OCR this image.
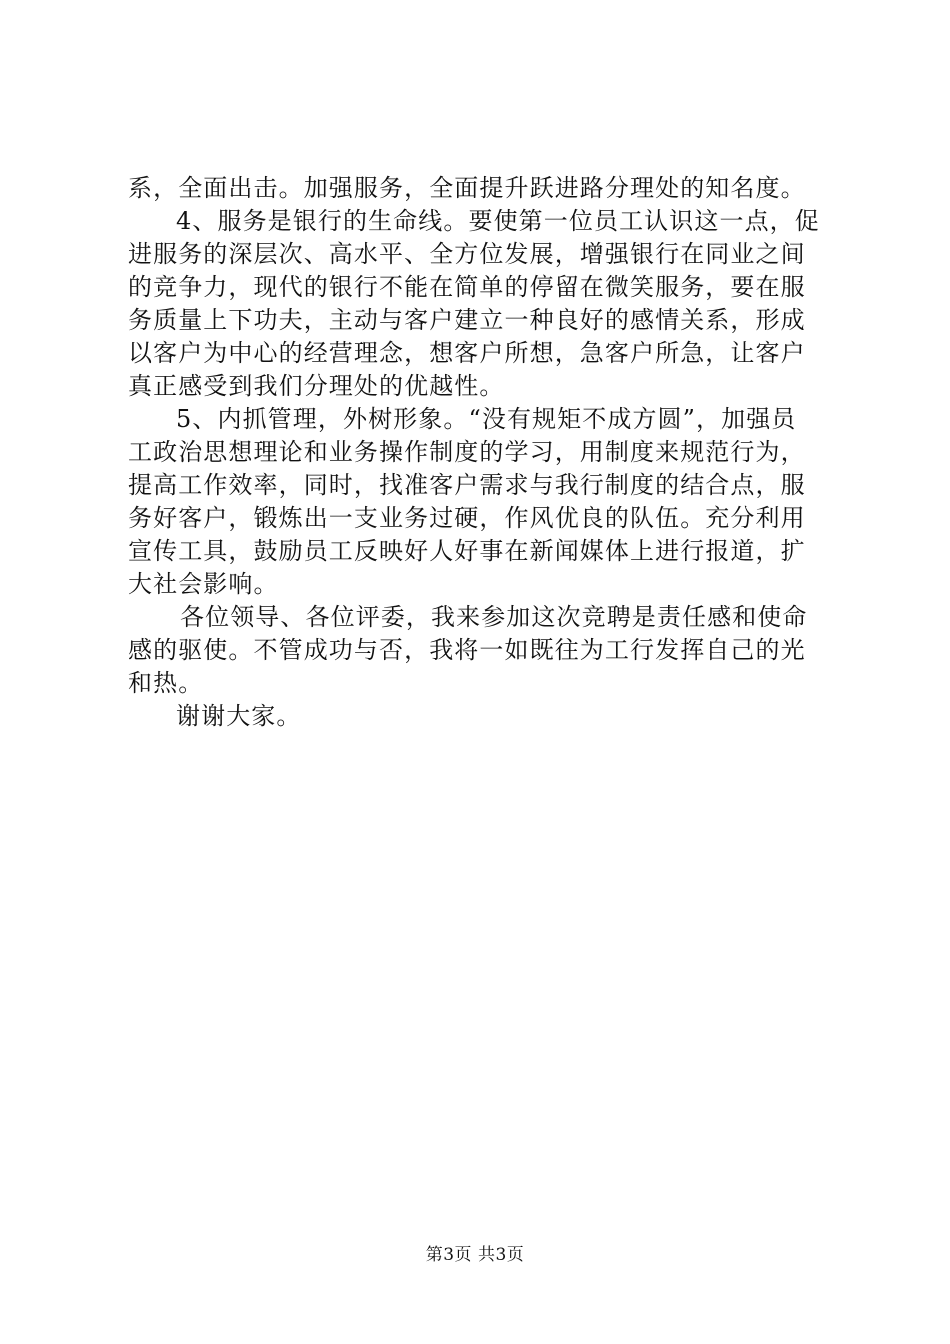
系，全面出击。加强服务，全面提升跃进路分理处的知名度。
4、服务是银行的生命线。要使第一位员工认识这一点，促
进服务的深层次、高水平、全方位发展，增强银行在同业之间
的竞争力，现代的银行不能在简单的停留在微笑服务，要在服
务质量上下功夫，主动与客户建立一种良好的感情关系，形成
以客户为中心的经营理念，想客户所想，急客户所急，让客户
真正感受到我们分理处的优越性。
5、内抓管理，外树形象。“没有规矩不成方圆”，加强员
工政治思想理论和业务操作制度的学习，用制度来规范行为，
提高工作效率，同时，找准客户需求与我行制度的结合点，服
务好客户，锻炼出一支业务过硬，作风优良的队伍。充分利用
宣传工具，鼓励员工反映好人好事在新闻媒体上进行报道，扩
大社会影响。
各位领导、各位评委，我来参加这次竞聘是责任感和使命
感的驱使。不管成功与否，我将一如既往为工行发挥自己的光
和热。
谢谢大家。
第3页 共3页
